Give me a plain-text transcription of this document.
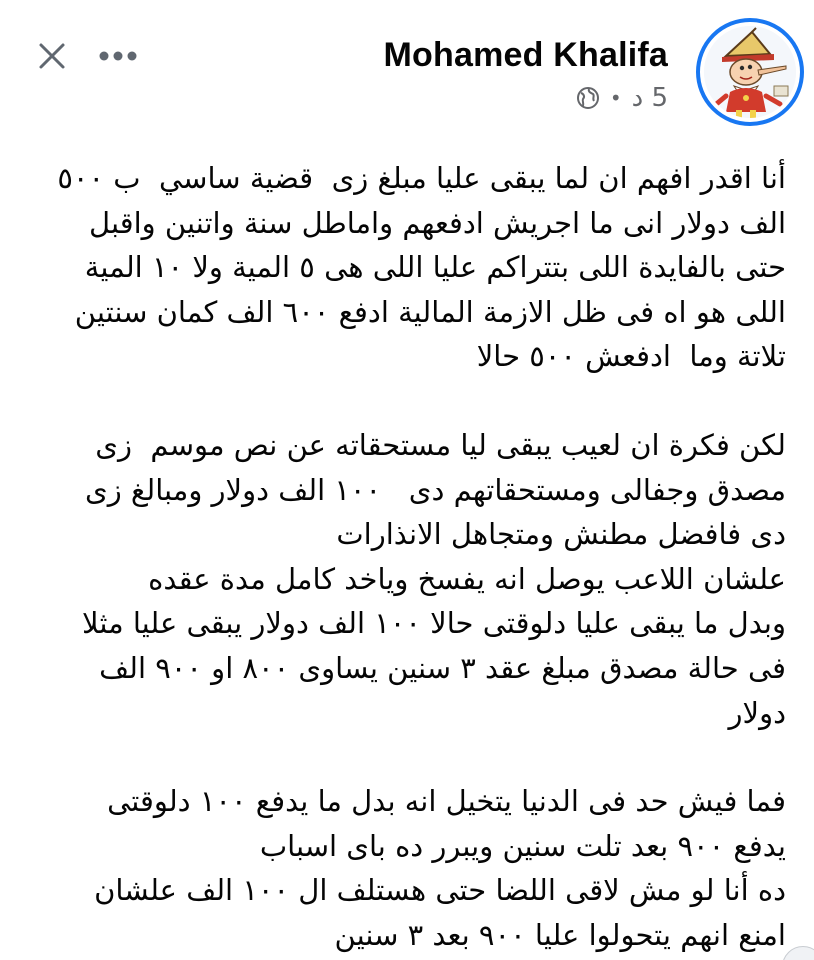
Mohamed Khalifa
• 5 د

أنا اقدر افهم ان لما يبقى عليا مبلغ زى  قضية ساسي  ب ٥٠٠
الف دولار انى ما اجريش ادفعهم واماطل سنة واتنين واقبل
حتى بالفايدة اللى بتتراكم عليا اللى هى ٥ المية ولا ١٠ المية
اللى هو اه فى ظل الازمة المالية ادفع ٦٠٠ الف كمان سنتين
تلاتة وما  ادفعش ٥٠٠ حالا

لكن فكرة ان لعيب يبقى ليا مستحقاته عن نص موسم  زى
مصدق وجفالى ومستحقاتهم دى   ١٠٠ الف دولار ومبالغ زى
دى فافضل مطنش ومتجاهل الانذارات
علشان اللاعب يوصل انه يفسخ وياخد كامل مدة عقده
وبدل ما يبقى عليا دلوقتى حالا ١٠٠ الف دولار يبقى عليا مثلا
فى حالة مصدق مبلغ عقد ٣ سنين يساوى ٨٠٠ او ٩٠٠ الف
دولار

فما فيش حد فى الدنيا يتخيل انه بدل ما يدفع ١٠٠ دلوقتى
يدفع ٩٠٠ بعد تلت سنين ويبرر ده باى اسباب
ده أنا لو مش لاقى اللضا حتى هستلف ال ١٠٠ الف علشان
امنع انهم يتحولوا عليا ٩٠٠ بعد ٣ سنين
